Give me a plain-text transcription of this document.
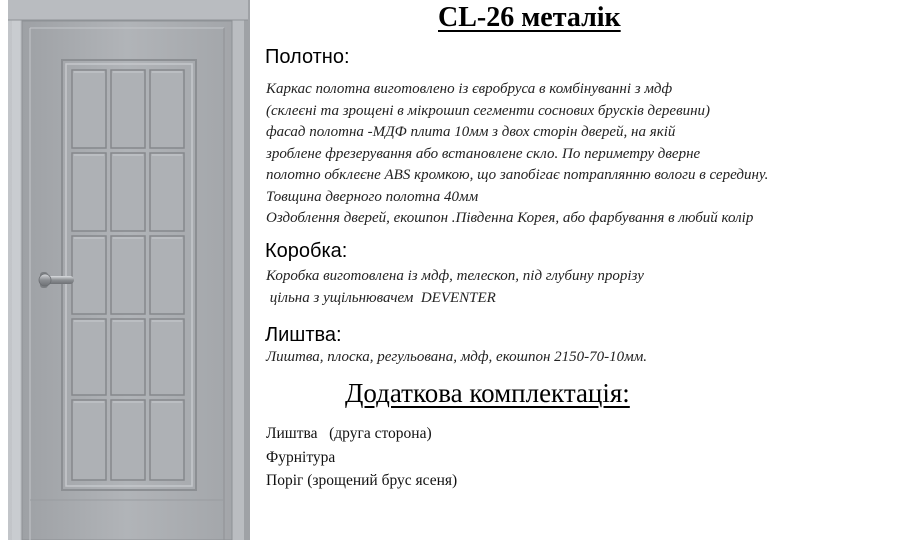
CL-26 металік
Полотно:

Каркас полотна виготовлено із євробруса в комбінуванні з мдф
(склеєні та зрощені в мікрошип сегменти соснових брусків деревини)
фасад полотна -МДФ плита 10мм з двох сторін дверей, на якій
зроблене фрезерування або встановлене скло. По периметру дверне
полотно обклеєне ABS кромкою, що запобігає потраплянню вологи в середину.
Товщина дверного полотна 40мм
Оздоблення дверей, екошпон .Південна Корея, або фарбування в любий колір

Коробка:

Коробка виготовлена із мдф, телескоп, під глубину прорізу
цільна з ущільнювачем  DEVENTER

Лиштва:

Лиштва, плоска, регульована, мдф, екошпон 2150-70-10мм.

Додаткова комплектація:
Лиштва   (друга сторона)
Фурнітура
Поріг (зрощений брус ясеня)
